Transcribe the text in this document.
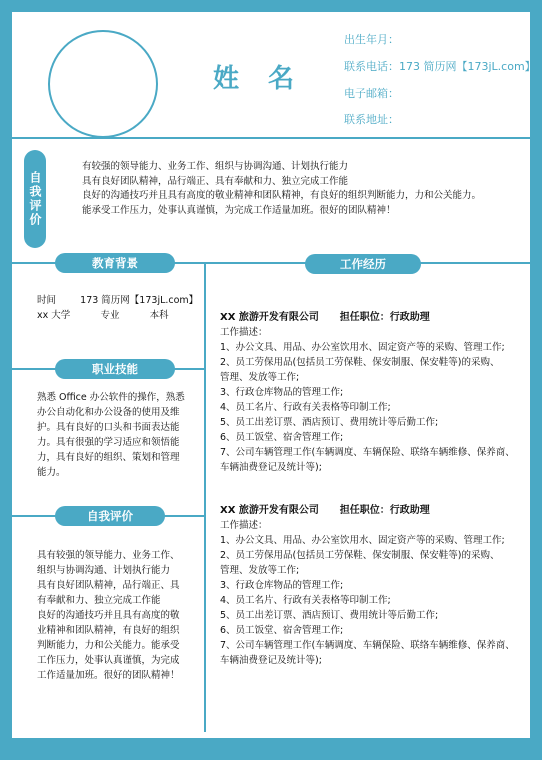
姓 名
出生年月：
联系电话：173 简历网【173jL.com】
电子邮箱：
联系地址：
自我评价
有较强的领导能力、业务工作、组织与协调沟通、计划执行能力
具有良好团队精神，品行端正、具有奉献和力、独立完成工作能
良好的沟通技巧并且具有高度的敬业精神和团队精神，有良好的组织判断能力，力和公关能力。
能承受工作压力，处事认真谨慎，为完成工作适量加班。很好的团队精神！
教育背景
时间        173 简历网【173jL.com】
xx 大学          专业          本科
职业技能
熟悉 Office 办公软件的操作，熟悉
办公自动化和办公设备的使用及维
护。具有良好的口头和书面表达能
力。具有很强的学习适应和领悟能
力，具有良好的组织、策划和管理
能力。
自我评价
具有较强的领导能力、业务工作、
组织与协调沟通、计划执行能力
具有良好团队精神，品行端正、具
有奉献和力、独立完成工作能
良好的沟通技巧并且具有高度的敬
业精神和团队精神，有良好的组织
判断能力，力和公关能力。能承受
工作压力，处事认真谨慎，为完成
工作适量加班。很好的团队精神！
工作经历
XX 旅游开发有限公司      担任职位：行政助理
工作描述：
1、办公文具、用品、办公室饮用水、固定资产等的采购、管理工作;
2、员工劳保用品(包括员工劳保鞋、保安制服、保安鞋等)的采购、
管理、发放等工作;
3、行政仓库物品的管理工作;
4、员工名片、行政有关表格等印制工作;
5、员工出差订票、酒店预订、费用统计等后勤工作;
6、员工饭堂、宿舍管理工作;
7、公司车辆管理工作(车辆调度、车辆保险、联络车辆维修、保养商、
车辆油费登记及统计等);
XX 旅游开发有限公司      担任职位：行政助理
工作描述：
1、办公文具、用品、办公室饮用水、固定资产等的采购、管理工作;
2、员工劳保用品(包括员工劳保鞋、保安制服、保安鞋等)的采购、
管理、发放等工作;
3、行政仓库物品的管理工作;
4、员工名片、行政有关表格等印制工作;
5、员工出差订票、酒店预订、费用统计等后勤工作;
6、员工饭堂、宿舍管理工作;
7、公司车辆管理工作(车辆调度、车辆保险、联络车辆维修、保养商、
车辆油费登记及统计等);
